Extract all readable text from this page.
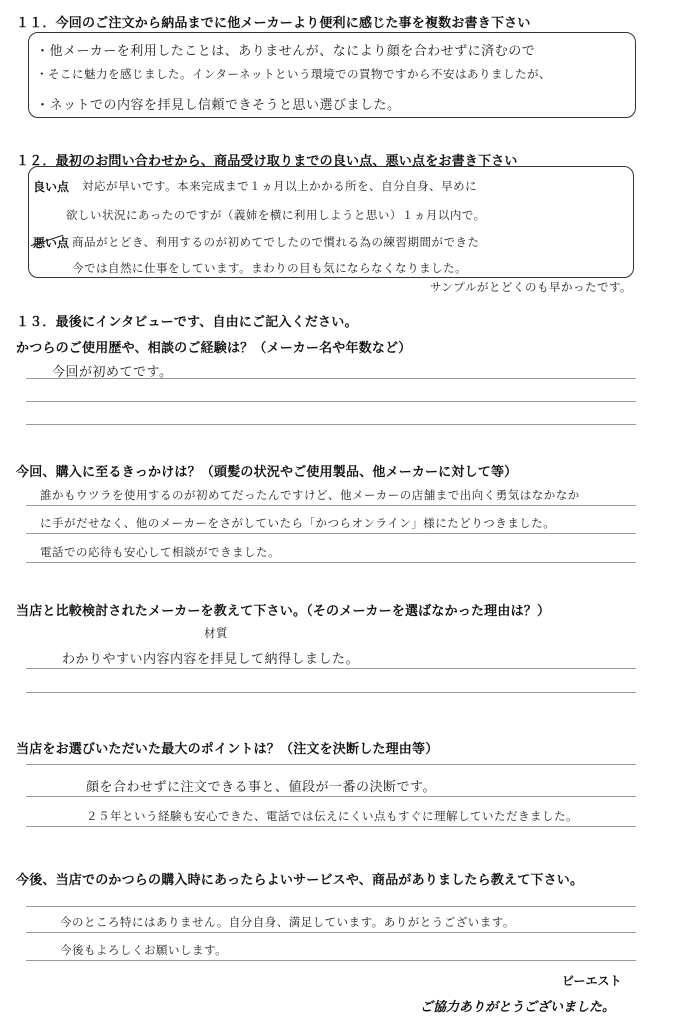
１１．今回のご注文から納品までに他メーカーより便利に感じた事を複数お書き下さい
・他メーカーを利用したことは、ありませんが、なにより顔を合わせずに済むので
・そこに魅力を感じました。インターネットという環境での買物ですから不安はありましたが、
・ネットでの内容を拝見し信頼できそうと思い選びました。
１２．最初のお問い合わせから、商品受け取りまでの良い点、悪い点をお書き下さい
良い点
悪い点
対応が早いです。本来完成まで１ヵ月以上かかる所を、自分自身、早めに
欲しい状況にあったのですが（義姉を横に利用しようと思い）１ヵ月以内で。
商品がとどき、利用するのが初めてでしたので慣れる為の練習期間ができた
今では自然に仕事をしています。まわりの目も気にならなくなりました。
サンプルがとどくのも早かったです。
１３．最後にインタビューです、自由にご記入ください。
かつらのご使用歴や、相談のご経験は？（メーカー名や年数など）
今回が初めてです。
今回、購入に至るきっかけは？（頭髪の状況やご使用製品、他メーカーに対して等）
誰かもウツラを使用するのが初めてだったんですけど、他メーカーの店舗まで出向く勇気はなかなか
に手がだせなく、他のメーカーをさがしていたら「かつらオンライン」様にたどりつきました。
電話での応待も安心して相談ができました。
当店と比較検討されたメーカーを教えて下さい。（そのメーカーを選ばなかった理由は？）
材質
わかりやすい内容内容を拝見して納得しました。
当店をお選びいただいた最大のポイントは？（注文を決断した理由等）
顔を合わせずに注文できる事と、値段が一番の決断です。
２５年という経験も安心できた、電話では伝えにくい点もすぐに理解していただきました。
今後、当店でのかつらの購入時にあったらよいサービスや、商品がありましたら教えて下さい。
今のところ特にはありません。自分自身、満足しています。ありがとうございます。
今後もよろしくお願いします。
ビーエスト
ご協力ありがとうございました。
